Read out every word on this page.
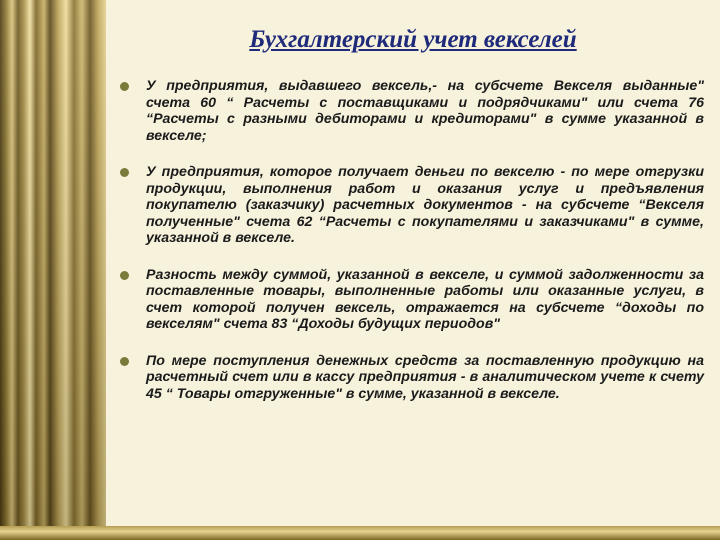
Бухгалтерский учет векселей
У предприятия, выдавшего вексель,- на субсчете Векселя выданные" счета 60 “ Расчеты с поставщиками и подрядчиками" или счета 76 “Расчеты с разными дебиторами и кредиторами" в сумме указанной в векселе;
У предприятия, которое получает деньги по векселю - по мере отгрузки продукции, выполнения работ и оказания услуг и предъявления покупателю (заказчику) расчетных документов - на субсчете “Векселя полученные" счета 62 “Расчеты с покупателями и заказчиками" в сумме, указанной в векселе.
Разность между суммой, указанной в векселе, и суммой задолженности за поставленные товары, выполненные работы или оказанные услуги, в счет которой получен вексель, отражается на субсчете “доходы по векселям" счета 83 “Доходы будущих периодов"
По мере поступления денежных средств за поставленную продукцию на расчетный счет или в кассу предприятия - в аналитическом учете к счету 45 “ Товары отгруженные" в сумме, указанной в векселе.
